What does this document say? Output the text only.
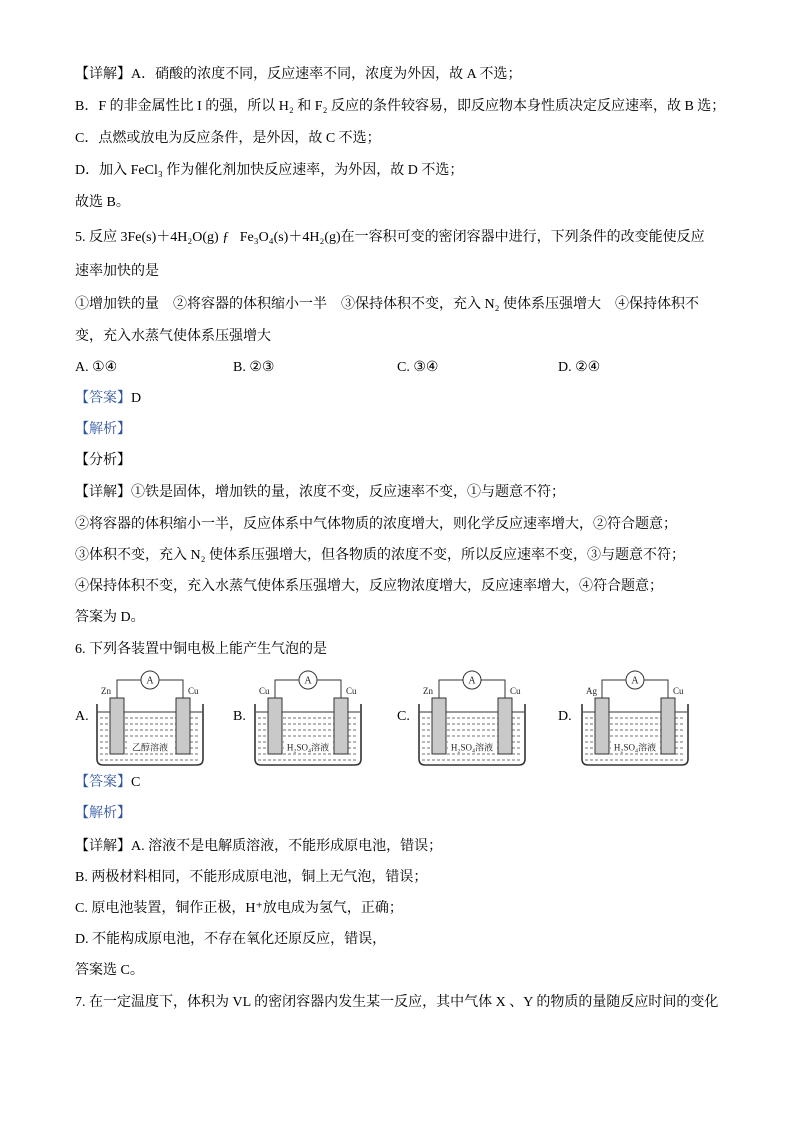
【详解】A．硝酸的浓度不同，反应速率不同，浓度为外因，故 A 不选；
B．F 的非金属性比 I 的强，所以 H₂ 和 F₂ 反应的条件较容易，即反应物本身性质决定反应速率，故 B 选；
C．点燃或放电为反应条件，是外因，故 C 不选；
D．加入 FeCl₃ 作为催化剂加快反应速率，为外因，故 D 不选；
故选 B。
5. 反应 3Fe(s)＋4H₂O(g) ƒ   Fe₃O₄(s)＋4H₂(g)在一容积可变的密闭容器中进行，下列条件的改变能使反应
速率加快的是
①增加铁的量    ②将容器的体积缩小一半    ③保持体积不变，充入 N₂ 使体系压强增大    ④保持体积不
变，充入水蒸气使体系压强增大
A. ①④	B. ②③	C. ③④	D. ②④
【答案】D
【解析】
【分析】
【详解】①铁是固体，增加铁的量，浓度不变，反应速率不变，①与题意不符；
②将容器的体积缩小一半，反应体系中气体物质的浓度增大，则化学反应速率增大，②符合题意；
③体积不变，充入 N₂ 使体系压强增大，但各物质的浓度不变，所以反应速率不变，③与题意不符；
④保持体积不变，充入水蒸气使体系压强增大，反应物浓度增大，反应速率增大，④符合题意；
答案为 D。
6. 下列各装置中铜电极上能产生气泡的是
A.	B.	C.	D.
A
Zn	Cu
乙醇溶液
A
Cu	Cu
H₂SO₄溶液
A
Zn	Cu
H₂SO₄溶液
A
Ag	Cu
H₂SO₄溶液
【答案】C
【解析】
【详解】A. 溶液不是电解质溶液，不能形成原电池，错误；
B. 两极材料相同，不能形成原电池，铜上无气泡，错误；
C. 原电池装置，铜作正极，H⁺放电成为氢气，正确；
D. 不能构成原电池，不存在氧化还原反应，错误，
答案选 C。
7. 在一定温度下，体积为 VL 的密闭容器内发生某一反应，其中气体 X 、Y 的物质的量随反应时间的变化
